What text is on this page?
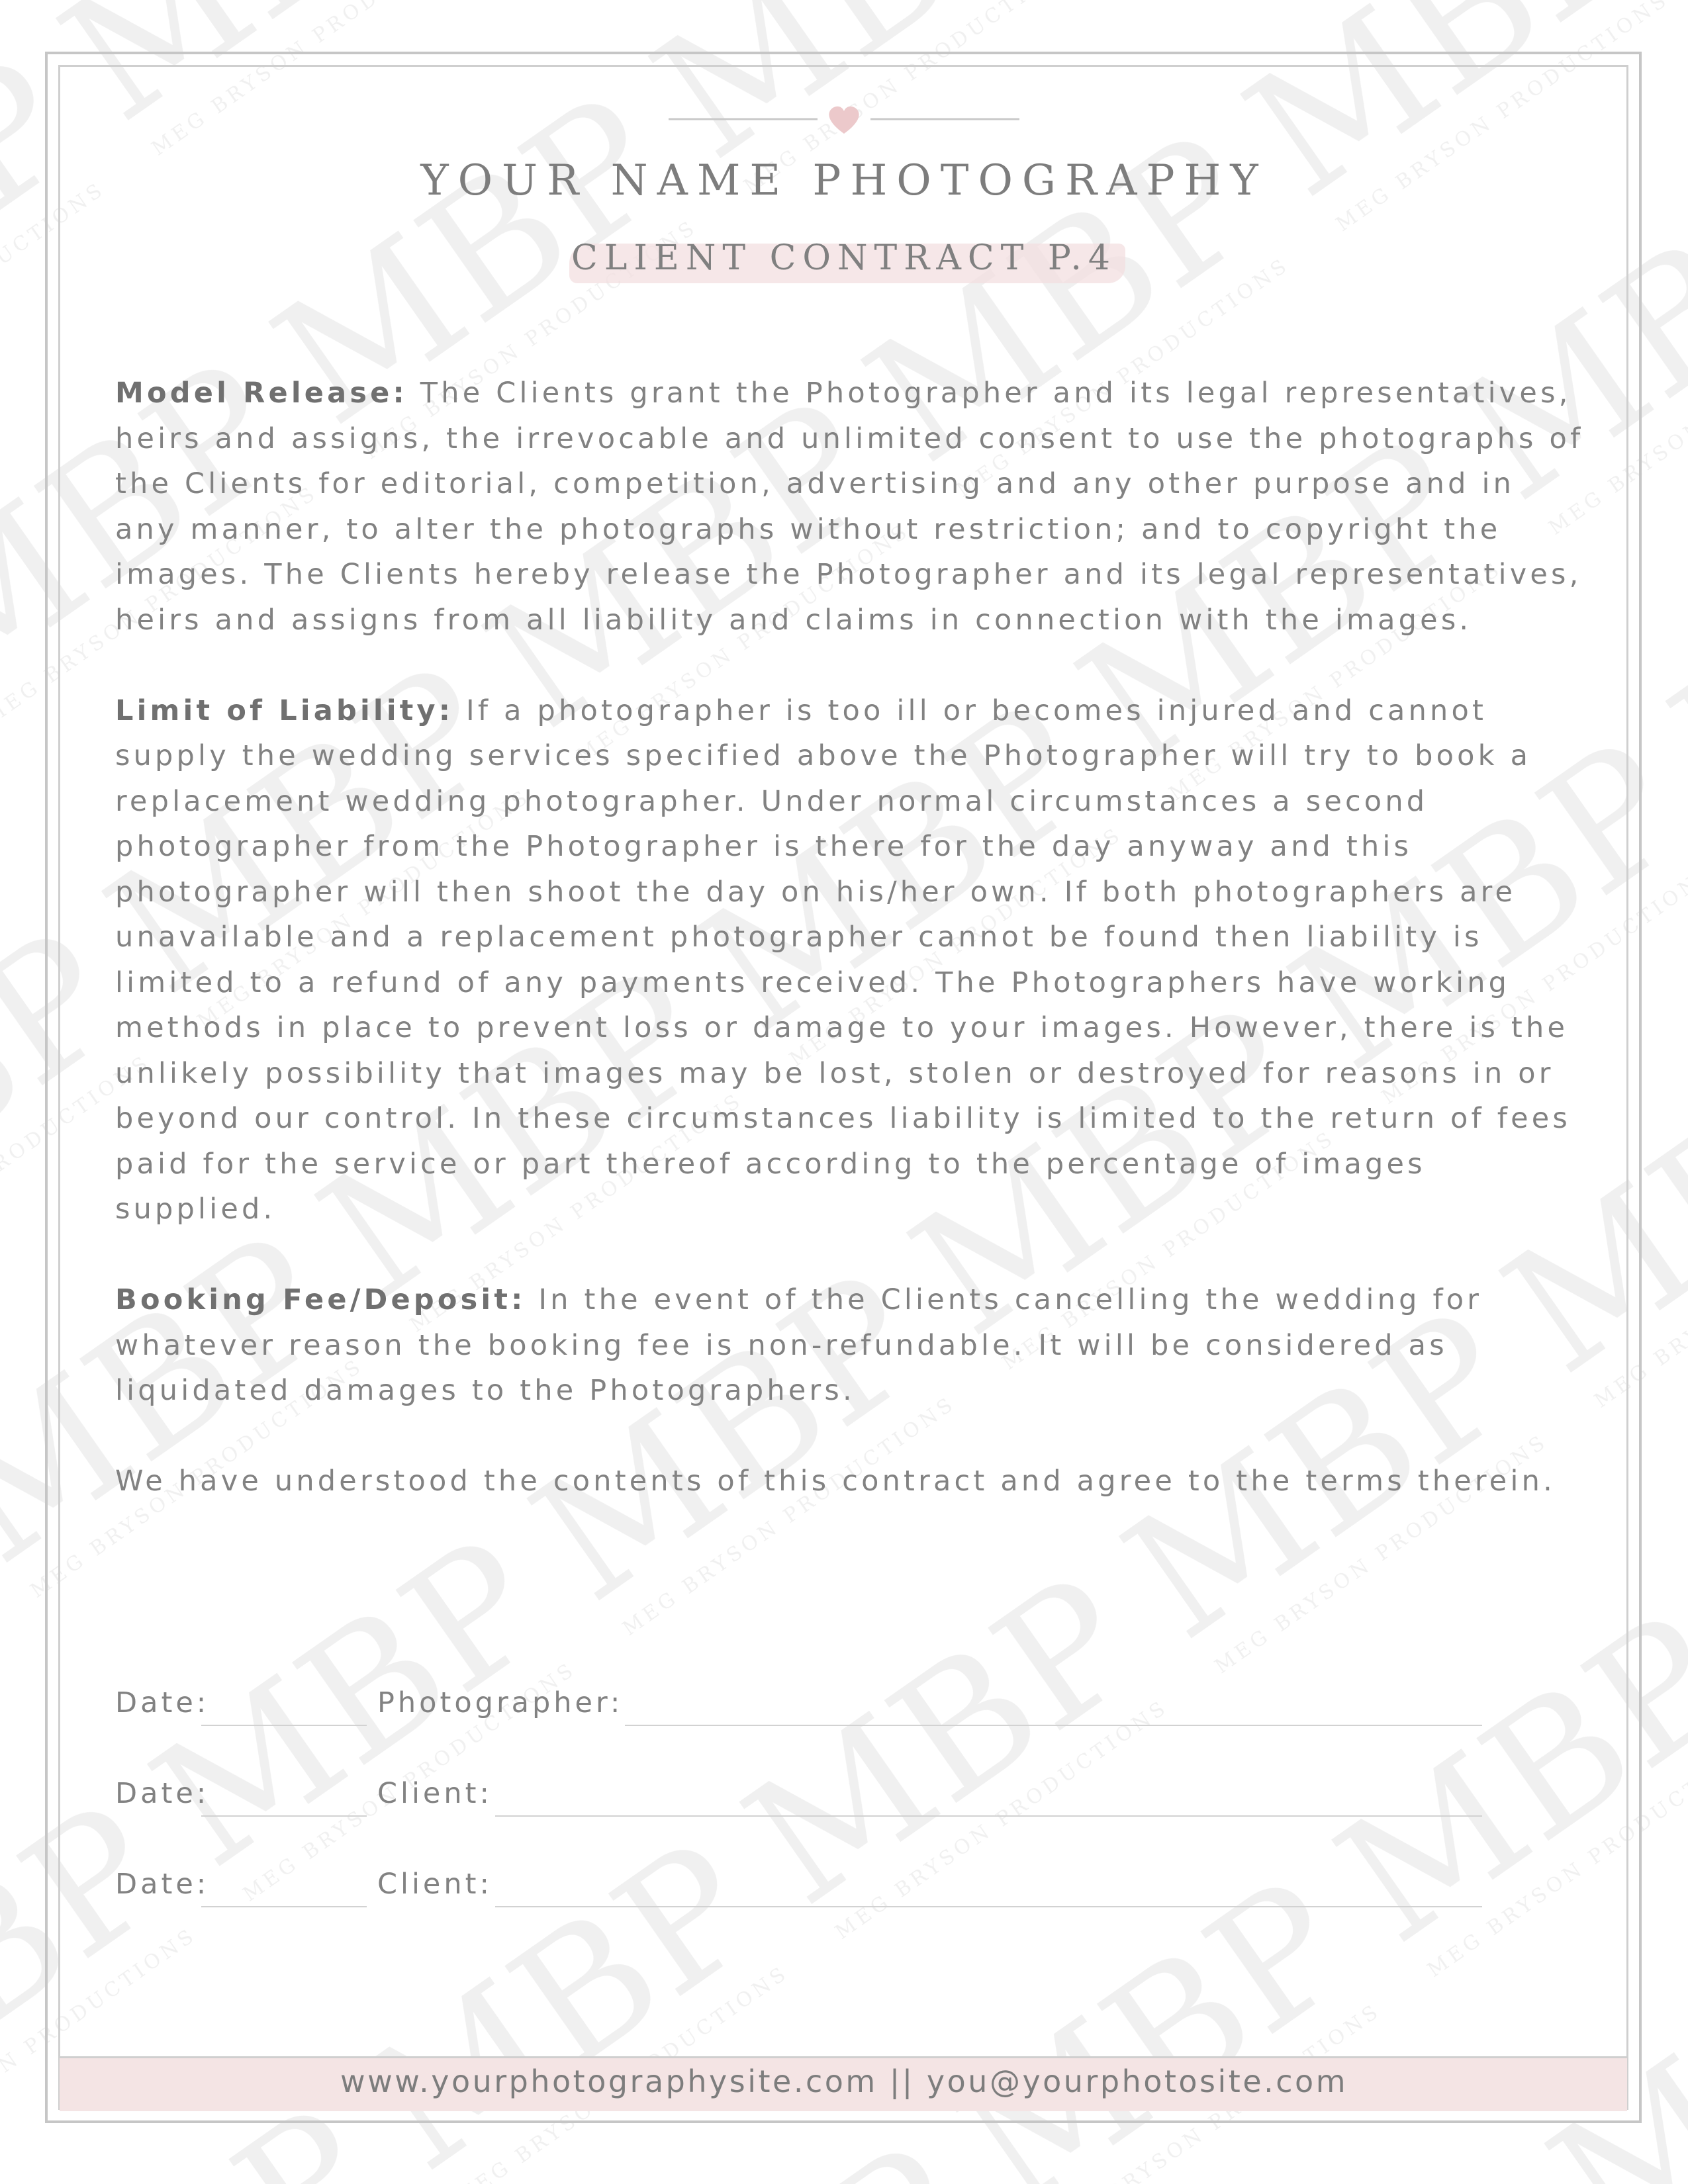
YOUR NAME PHOTOGRAPHY
CLIENT CONTRACT P.4

Model Release: The Clients grant the Photographer and its legal representatives, heirs and assigns, the irrevocable and unlimited consent to use the photographs of the Clients for editorial, competition, advertising and any other purpose and in any manner, to alter the photographs without restriction; and to copyright the images. The Clients hereby release the Photographer and its legal representatives, heirs and assigns from all liability and claims in connection with the images.

Limit of Liability: If a photographer is too ill or becomes injured and cannot supply the wedding services specified above the Photographer will try to book a replacement wedding photographer. Under normal circumstances a second photographer from the Photographer is there for the day anyway and this photographer will then shoot the day on his/her own. If both photographers are unavailable and a replacement photographer cannot be found then liability is limited to a refund of any payments received. The Photographers have working methods in place to prevent loss or damage to your images. However, there is the unlikely possibility that images may be lost, stolen or destroyed for reasons in or beyond our control. In these circumstances liability is limited to the return of fees paid for the service or part thereof according to the percentage of images supplied.

Booking Fee/Deposit: In the event of the Clients cancelling the wedding for whatever reason the booking fee is non-refundable. It will be considered as liquidated damages to the Photographers.

We have understood the contents of this contract and agree to the terms therein.

Date:	Photographer:
Date:	Client:
Date:	Client:
www.yourphotographysite.com || you@yourphotosite.com
